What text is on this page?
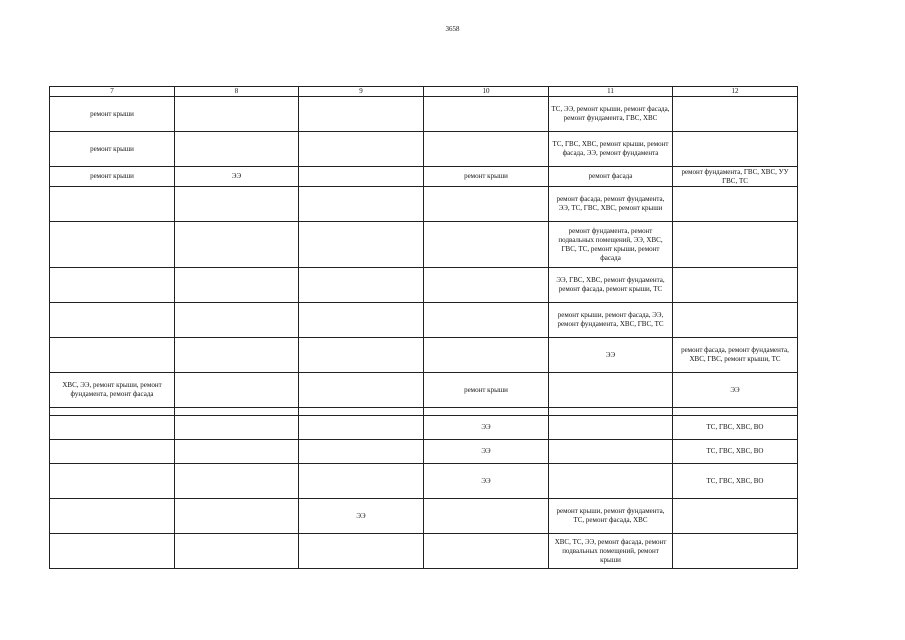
3658
7	8	9	10	11	12
ремонт крыши				ТС, ЭЭ, ремонт крыши, ремонт фасада, ремонт фундамента, ГВС, ХВС	
ремонт крыши				ТС, ГВС, ХВС, ремонт крыши, ремонт фасада, ЭЭ, ремонт фундамента	
ремонт крыши	ЭЭ		ремонт крыши	ремонт фасада	ремонт фундамента, ГВС, ХВС, УУ ГВС, ТС
				ремонт фасада, ремонт фундамента, ЭЭ, ТС, ГВС, ХВС, ремонт крыши	
				ремонт фундамента, ремонт подвальных помещений, ЭЭ, ХВС, ГВС, ТС, ремонт крыши, ремонт фасада	
				ЭЭ, ГВС, ХВС, ремонт фундамента, ремонт фасада, ремонт крыши, ТС	
				ремонт крыши, ремонт фасада, ЭЭ, ремонт фундамента, ХВС, ГВС, ТС	
				ЭЭ	ремонт фасада, ремонт фундамента, ХВС, ГВС, ремонт крыши, ТС
ХВС, ЭЭ, ремонт крыши, ремонт фундамента, ремонт фасада			ремонт крыши		ЭЭ

			ЭЭ		ТС, ГВС, ХВС, ВО
			ЭЭ		ТС, ГВС, ХВС, ВО
			ЭЭ		ТС, ГВС, ХВС, ВО
		ЭЭ		ремонт крыши, ремонт фундамента, ТС, ремонт фасада, ХВС	
				ХВС, ТС, ЭЭ, ремонт фасада, ремонт подвальных помещений, ремонт крыши	
